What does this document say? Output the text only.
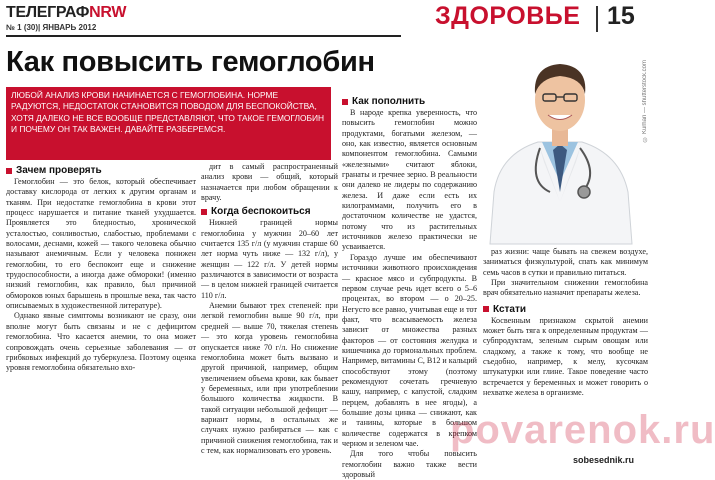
ТЕЛЕГРАФNRW
№ 1 (30)| ЯНВАРЬ 2012	ЗДОРОВЬЕ 15
Как повысить гемоглобин

ЛЮБОЙ АНАЛИЗ КРОВИ НАЧИНАЕТСЯ С ГЕМОГЛОБИНА. НОРМЕ РАДУЮТСЯ, НЕДОСТАТОК СТАНОВИТСЯ ПОВОДОМ ДЛЯ БЕСПОКОЙСТВА, ХОТЯ ДАЛЕКО НЕ ВСЕ ВООБЩЕ ПРЕДСТАВЛЯЮТ, ЧТО ТАКОЕ ГЕМОГЛОБИН И ПОЧЕМУ ОН ТАК ВАЖЕН. ДАВАЙТЕ РАЗБЕРЕМСЯ.

Зачем проверять

Гемоглобин — это белок, который обеспечивает доставку кислорода от легких к другим органам и тканям. При недостатке гемоглобина в крови этот процесс нарушается и питание тканей ухудшается. Проявляется это бледностью, хронической усталостью, сонливостью, слабостью, проблемами с волосами, деснами, кожей — такого человека обычно называют анемичным. Если у человека понижен гемоглобин, то его беспокоит еще и снижение трудоспособности, а иногда даже обмороки! (именно низкий гемоглобин, как правило, был причиной обмороков юных барышень в прошлые века, так часто описываемых в художественной литературе).

Однако явные симптомы возникают не сразу, они вполне могут быть связаны и не с дефицитом гемоглобина. Что касается анемии, то она может сопровождать очень серьезные заболевания — от грибковых инфекций до туберкулеза. Поэтому оценка уровня гемоглобина обязательно вхо-

дит в самый распространенный анализ крови — общий, который назначается при любом обращении к врачу.

Когда беспокоиться

Нижней границей нормы гемоглобина у мужчин 20–60 лет считается 135 г/л (у мужчин старше 60 лет норма чуть ниже — 132 г/л), у женщин — 122 г/л. У детей нормы различаются в зависимости от возраста — в целом нижней границей считается 110 г/л.

Анемии бывают трех степеней: при легкой гемоглобин выше 90 г/л, при средней — выше 70, тяжелая степень — это когда уровень гемоглобина опускается ниже 70 г/л. Но снижение гемоглобина может быть вызвано и другой причиной, например, общим увеличением объема крови, как бывает у беременных, или при употреблении большого количества жидкости. В такой ситуации небольшой дефицит — вариант нормы, в остальных же случаях нужно разбираться — как с причиной снижения гемоглобина, так и с тем, как нормализовать его уровень.

Как пополнить

В народе крепка уверенность, что повысить гемоглобин можно продуктами, богатыми железом, — оно, как известно, является основным компонентом гемоглобина. Самыми «железными» считают яблоки, гранаты и гречнее зерно. В реальности они далеко не лидеры по содержанию железа. И даже если есть их килограммами, получить его в достаточном количестве не удастся, потому что из растительных источников железо практически не усваивается.

Гораздо лучше им обеспечивают источники животного происхождения — красное мясо и субпродукты. В первом случае речь идет всего о 5–6 процентах, во втором — о 20–25. Негусто все равно, учитывая еще и тот факт, что всасываемость железа зависит от множества разных факторов — от состояния желудка и кишечника до гормональных проблем. Например, витамины C, B12 и кальций способствуют этому (поэтому рекомендуют сочетать гречневую кашу, например, с капустой, сладким перцем, добавлять в нее ягоды), а большие дозы цинка — снижают, как и танины, которые в большом количестве содержатся в крепком черном и зеленом чае.

Для того чтобы повысить гемоглобин важно также вести здоровый

© Kurhan — shutterstock.com

раз жизни: чаще бывать на свежем воздухе, заниматься физкультурой, спать как минимум семь часов в сутки и правильно питаться.

При значительном снижении гемоглобина врач обязательно назначит препараты железа.

Кстати

Косвенным признаком скрытой анемии может быть тяга к определенным продуктам — субпродуктам, зеленым сырым овощам или сладкому, а также к тому, что вообще не съедобно, например, к мелу, кусочкам штукатурки или глине. Такое поведение часто встречается у беременных и может говорить о нехватке железа в организме.

povarenok.ru
sobesednik.ru
